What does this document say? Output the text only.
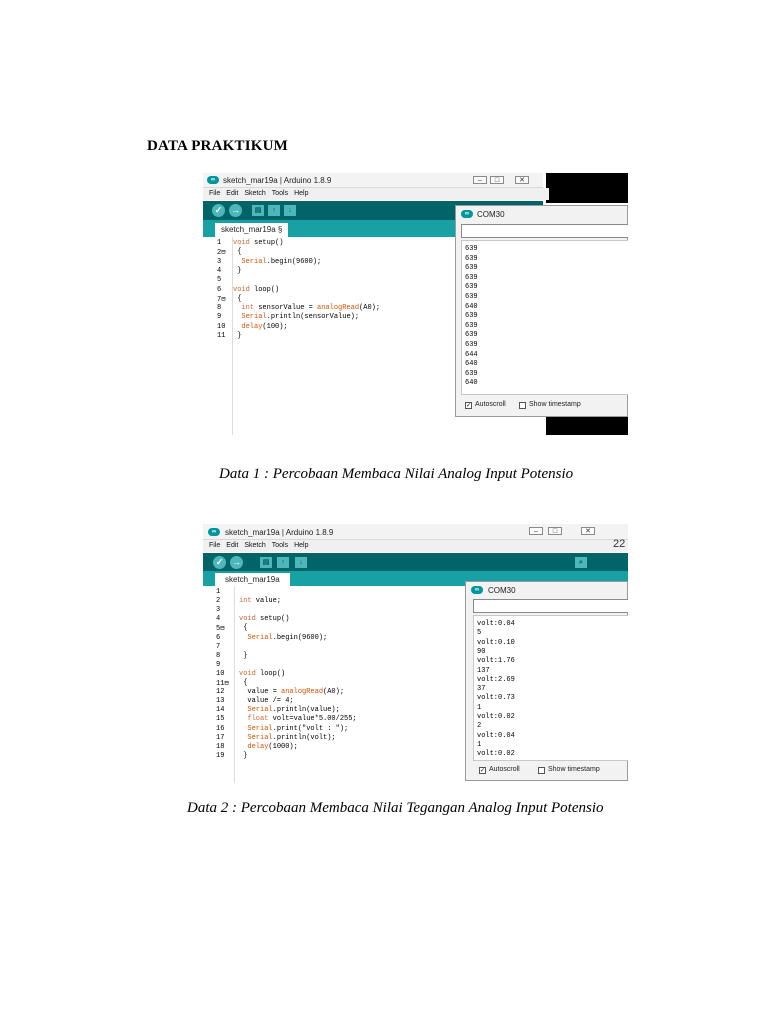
DATA PRAKTIKUM
∞ sketch_mar19a | Arduino 1.8.9	–	□	✕
File Edit Sketch Tools Help
✓ →	▤	↑	↓
sketch_mar19a §
1 void setup()
2⊟ {
3	Serial.begin(9600);
4 }
5
6 void loop()
7⊟ {
8	int sensorValue = analogRead(A0);
9	Serial.println(sensorValue);
10	delay(100);
11 }
∞ COM30
639
639
639
639
639
639
640
639
639
639
639
644
640
639
640
✓ Autoscroll	Show timestamp
Data 1 : Percobaan Membaca Nilai Analog Input Potensio
∞	sketch_mar19a | Arduino 1.8.9	–	□	✕
File Edit Sketch Tools Help
✓ →	▤	↑	↓	⌕
22
sketch_mar19a
1
2	int value;
3
4	void setup()
5⊟ {
6	Serial.begin(9600);
7
8	}
9
10 void loop()
11⊟ {
12 value = analogRead(A0);
13 value /= 4;
14	Serial.println(value);
15	float volt=value*5.00/255;
16	Serial.print("volt : ");
17	Serial.println(volt);
18	delay(1000);
19 }
∞	COM30
volt:0.04
5
volt:0.10
90
volt:1.76
137
volt:2.69
37
volt:0.73
1
volt:0.02
2
volt:0.04
1
volt:0.02
✓ Autoscroll	Show timestamp
Data 2 : Percobaan Membaca Nilai Tegangan Analog Input Potensio
